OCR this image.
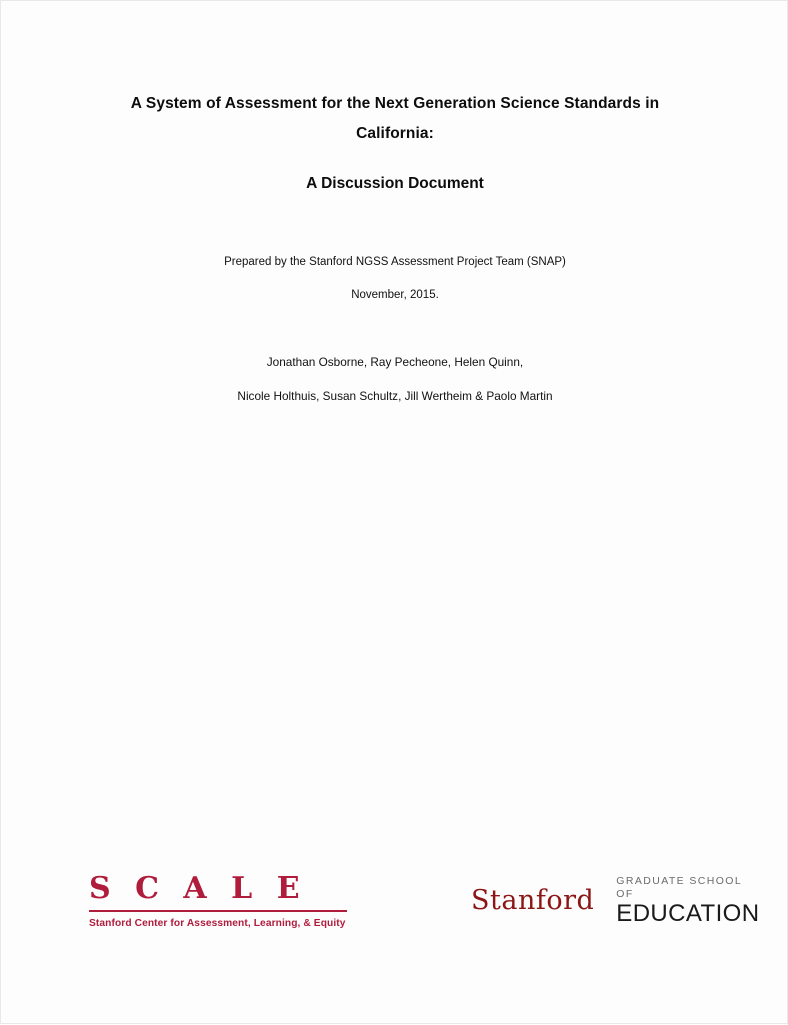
A System of Assessment for the Next Generation Science Standards in
California:
A Discussion Document
Prepared by the Stanford NGSS Assessment Project Team (SNAP)
November, 2015.
Jonathan Osborne, Ray Pecheone, Helen Quinn,
Nicole Holthuis, Susan Schultz, Jill Wertheim & Paolo Martin
S C A L E
Stanford Center for Assessment, Learning, & Equity
Stanford
GRADUATE SCHOOL OF
EDUCATION
